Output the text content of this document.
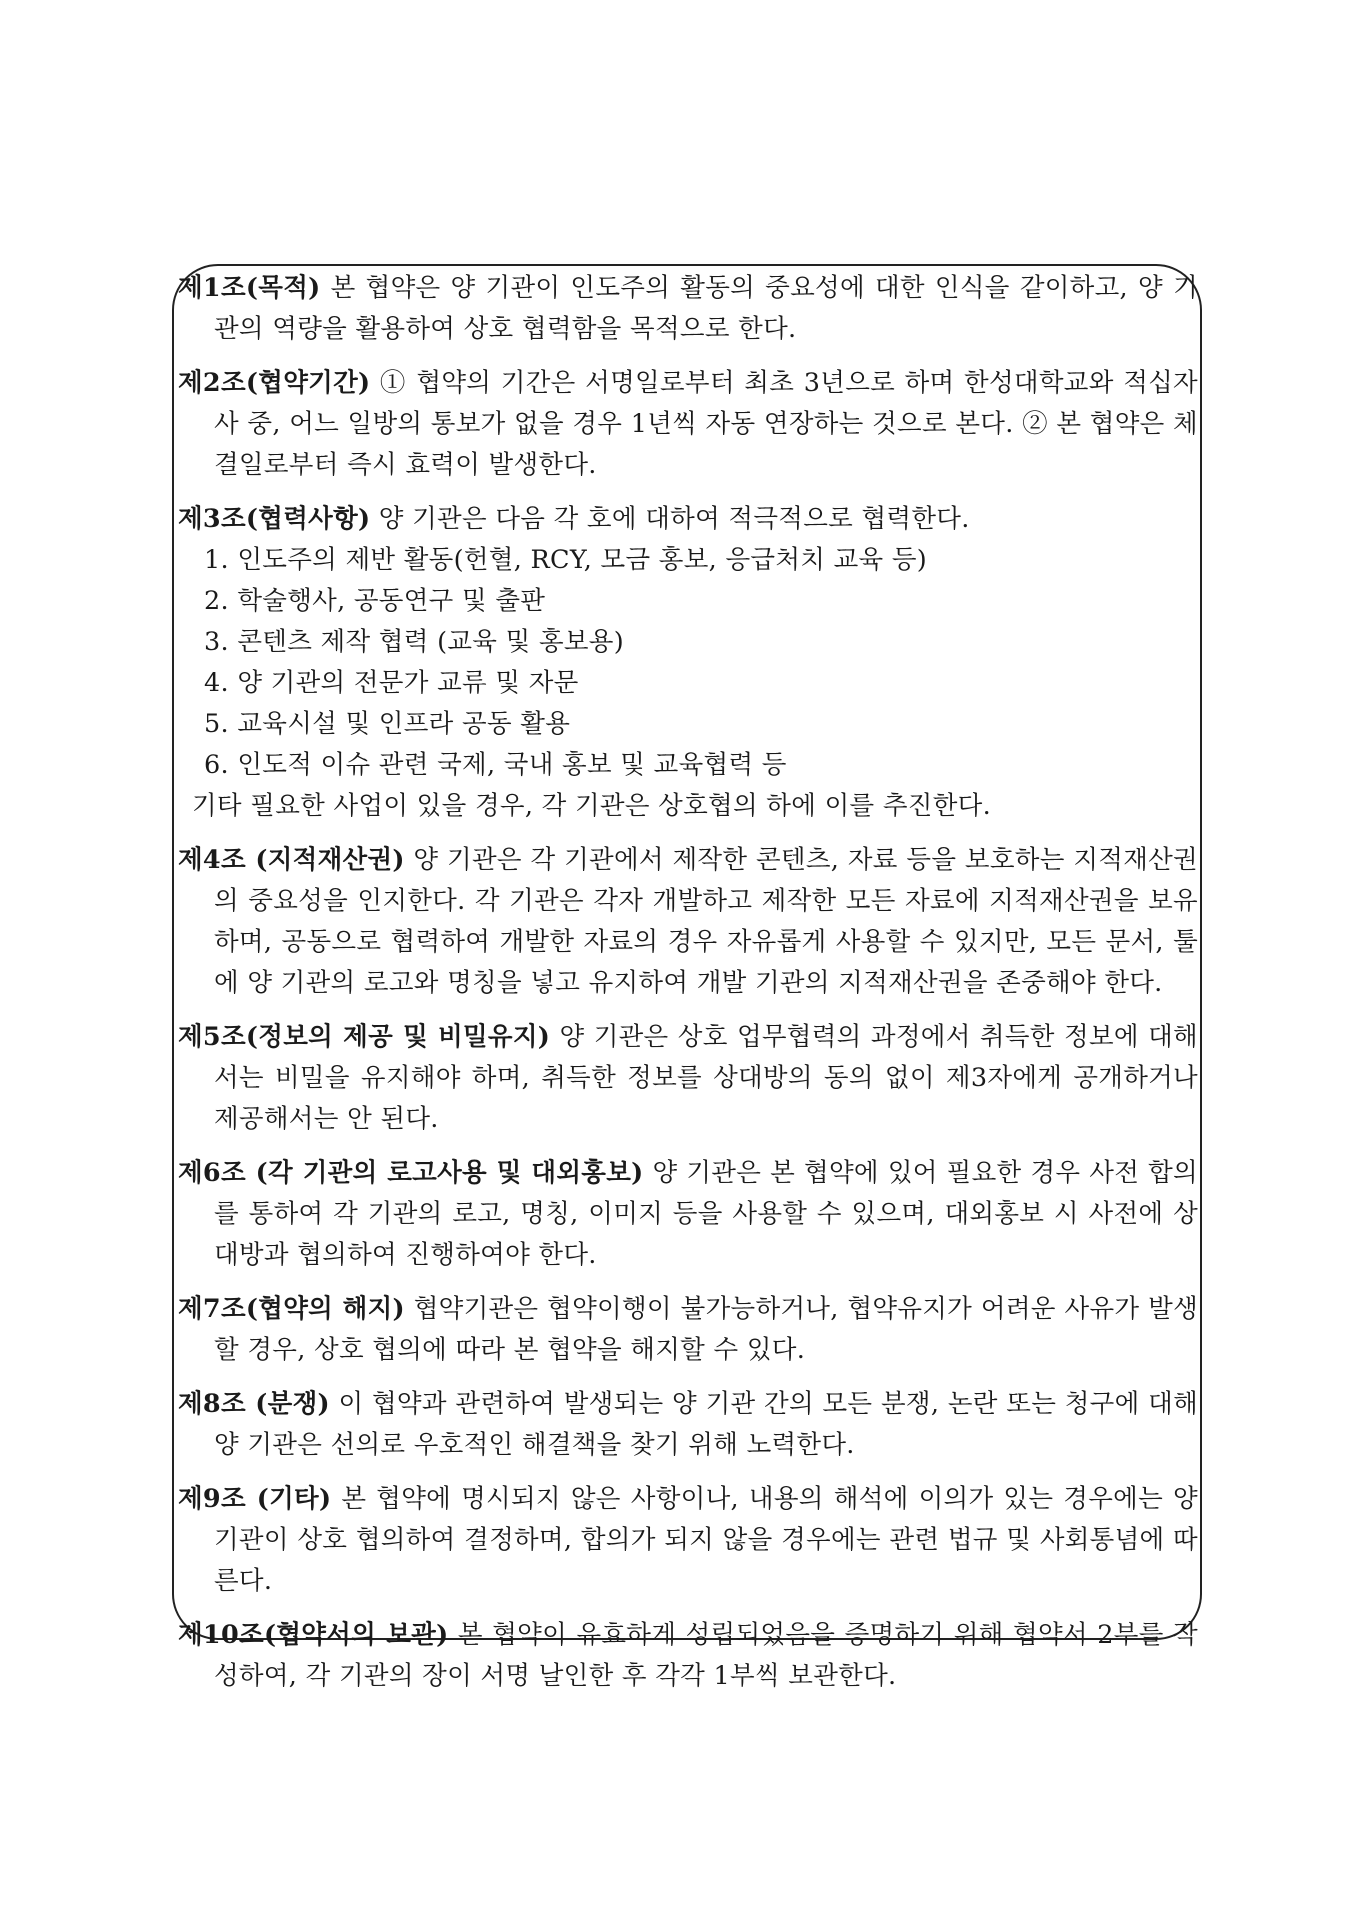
제1조(목적) 본 협약은 양 기관이 인도주의 활동의 중요성에 대한 인식을 같이하고, 양 기관의 역량을 활용하여 상호 협력함을 목적으로 한다.

제2조(협약기간) ① 협약의 기간은 서명일로부터 최초 3년으로 하며 한성대학교와 적십자사 중, 어느 일방의 통보가 없을 경우 1년씩 자동 연장하는 것으로 본다. ② 본 협약은 체결일로부터 즉시 효력이 발생한다.

제3조(협력사항) 양 기관은 다음 각 호에 대하여 적극적으로 협력한다.
1. 인도주의 제반 활동(헌혈, RCY, 모금 홍보, 응급처치 교육 등)
2. 학술행사, 공동연구 및 출판
3. 콘텐츠 제작 협력 (교육 및 홍보용)
4. 양 기관의 전문가 교류 및 자문
5. 교육시설 및 인프라 공동 활용
6. 인도적 이슈 관련 국제, 국내 홍보 및 교육협력 등
기타 필요한 사업이 있을 경우, 각 기관은 상호협의 하에 이를 추진한다.

제4조 (지적재산권) 양 기관은 각 기관에서 제작한 콘텐츠, 자료 등을 보호하는 지적재산권의 중요성을 인지한다. 각 기관은 각자 개발하고 제작한 모든 자료에 지적재산권을 보유하며, 공동으로 협력하여 개발한 자료의 경우 자유롭게 사용할 수 있지만, 모든 문서, 툴에 양 기관의 로고와 명칭을 넣고 유지하여 개발 기관의 지적재산권을 존중해야 한다.

제5조(정보의 제공 및 비밀유지) 양 기관은 상호 업무협력의 과정에서 취득한 정보에 대해서는 비밀을 유지해야 하며, 취득한 정보를 상대방의 동의 없이 제3자에게 공개하거나 제공해서는 안 된다.

제6조 (각 기관의 로고사용 및 대외홍보) 양 기관은 본 협약에 있어 필요한 경우 사전 합의를 통하여 각 기관의 로고, 명칭, 이미지 등을 사용할 수 있으며, 대외홍보 시 사전에 상대방과 협의하여 진행하여야 한다.

제7조(협약의 해지) 협약기관은 협약이행이 불가능하거나, 협약유지가 어려운 사유가 발생할 경우, 상호 협의에 따라 본 협약을 해지할 수 있다.

제8조 (분쟁) 이 협약과 관련하여 발생되는 양 기관 간의 모든 분쟁, 논란 또는 청구에 대해 양 기관은 선의로 우호적인 해결책을 찾기 위해 노력한다.

제9조 (기타) 본 협약에 명시되지 않은 사항이나, 내용의 해석에 이의가 있는 경우에는 양 기관이 상호 협의하여 결정하며, 합의가 되지 않을 경우에는 관련 법규 및 사회통념에 따른다.

제10조(협약서의 보관) 본 협약이 유효하게 성립되었음을 증명하기 위해 협약서 2부를 작성하여, 각 기관의 장이 서명 날인한 후 각각 1부씩 보관한다.
